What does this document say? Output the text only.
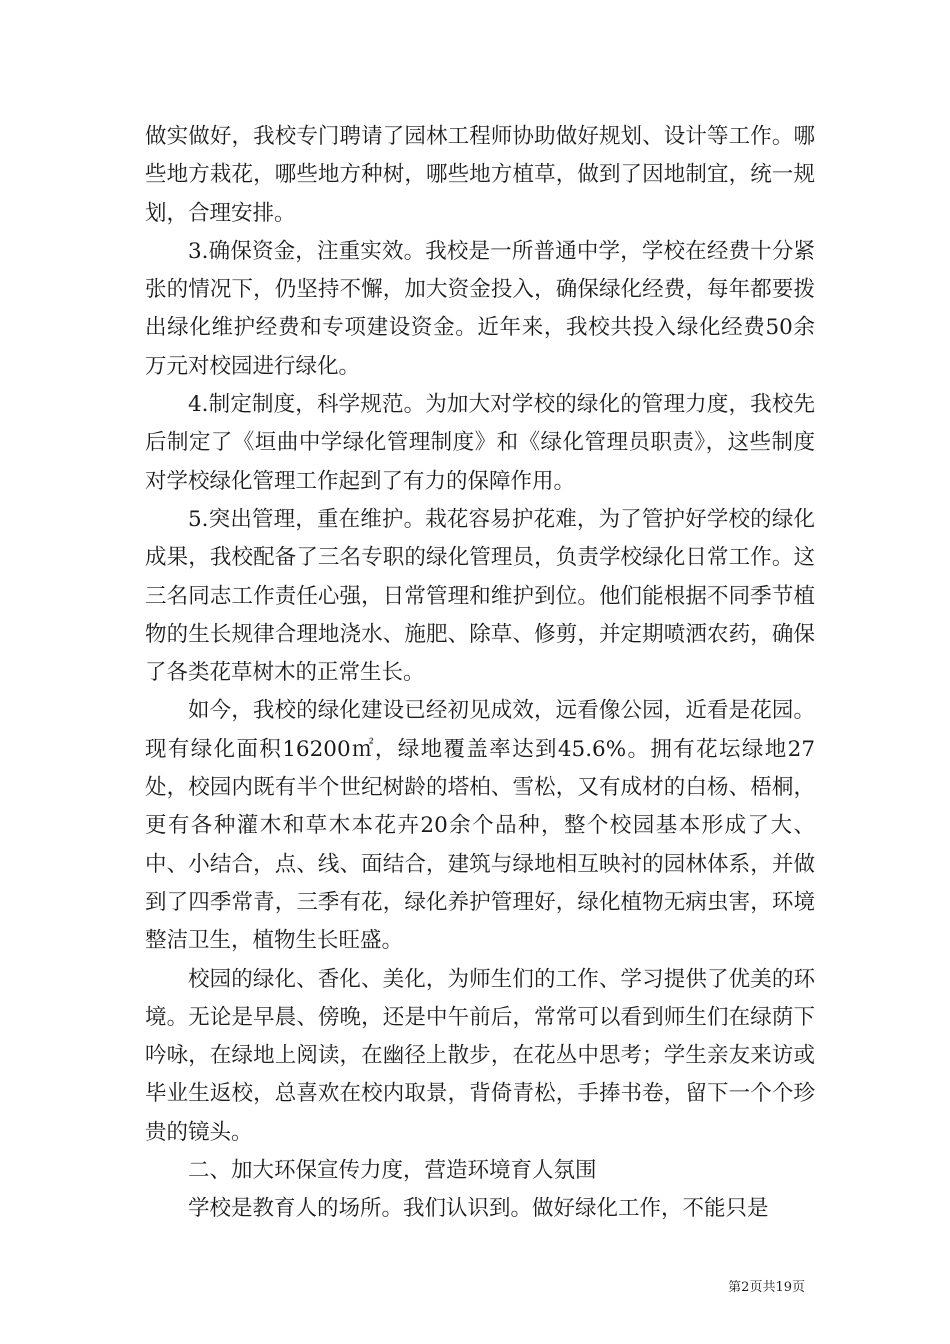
做实做好，我校专门聘请了园林工程师协助做好规划、设计等工作。哪些地方栽花，哪些地方种树，哪些地方植草，做到了因地制宜，统一规划，合理安排。

3.确保资金，注重实效。我校是一所普通中学，学校在经费十分紧张的情况下，仍坚持不懈，加大资金投入，确保绿化经费，每年都要拨出绿化维护经费和专项建设资金。近年来，我校共投入绿化经费50余万元对校园进行绿化。

4.制定制度，科学规范。为加大对学校的绿化的管理力度，我校先后制定了《垣曲中学绿化管理制度》和《绿化管理员职责》，这些制度对学校绿化管理工作起到了有力的保障作用。

5.突出管理，重在维护。栽花容易护花难，为了管护好学校的绿化成果，我校配备了三名专职的绿化管理员，负责学校绿化日常工作。这三名同志工作责任心强，日常管理和维护到位。他们能根据不同季节植物的生长规律合理地浇水、施肥、除草、修剪，并定期喷洒农药，确保了各类花草树木的正常生长。

如今，我校的绿化建设已经初见成效，远看像公园，近看是花园。现有绿化面积16200㎡，绿地覆盖率达到45.6%。拥有花坛绿地27处，校园内既有半个世纪树龄的塔柏、雪松，又有成材的白杨、梧桐，更有各种灌木和草木本花卉20余个品种，整个校园基本形成了大、中、小结合，点、线、面结合，建筑与绿地相互映衬的园林体系，并做到了四季常青，三季有花，绿化养护管理好，绿化植物无病虫害，环境整洁卫生，植物生长旺盛。

校园的绿化、香化、美化，为师生们的工作、学习提供了优美的环境。无论是早晨、傍晚，还是中午前后，常常可以看到师生们在绿荫下吟咏，在绿地上阅读，在幽径上散步，在花丛中思考；学生亲友来访或毕业生返校，总喜欢在校内取景，背倚青松，手捧书卷，留下一个个珍贵的镜头。

二、加大环保宣传力度，营造环境育人氛围

学校是教育人的场所。我们认识到。做好绿化工作，不能只是

第2页共19页
